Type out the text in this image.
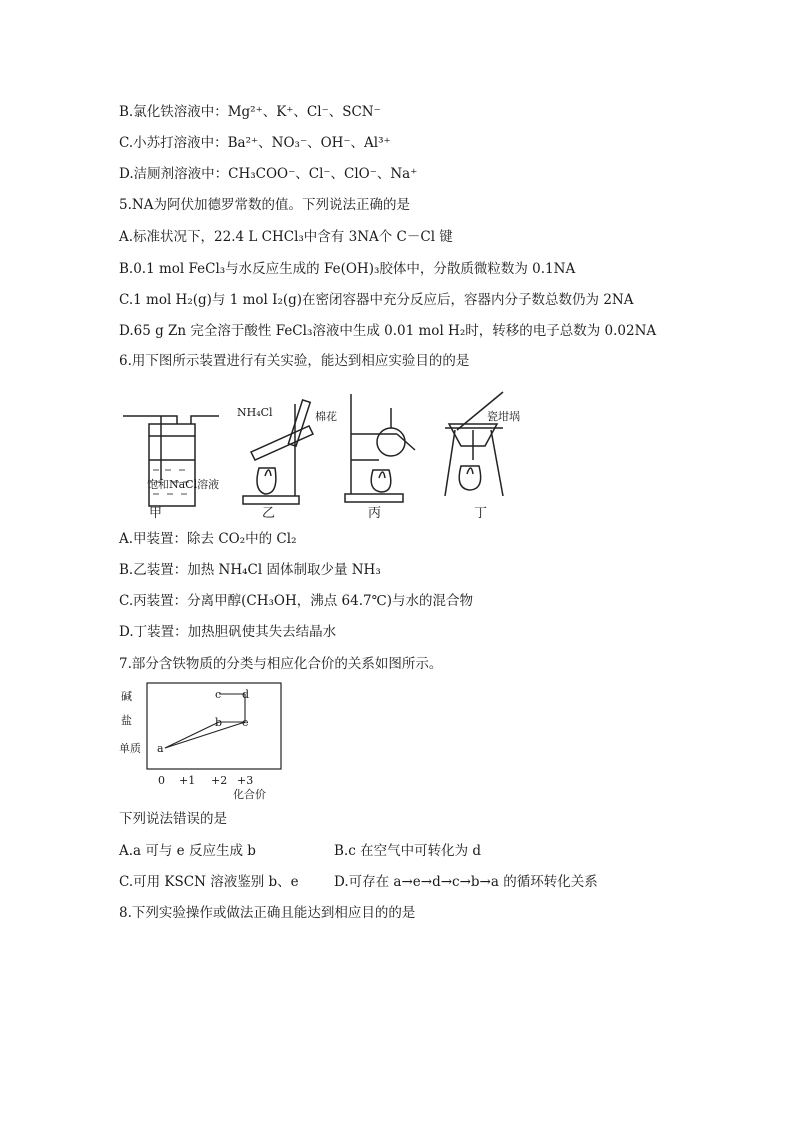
B.氯化铁溶液中：Mg²⁺、K⁺、Cl⁻、SCN⁻
C.小苏打溶液中：Ba²⁺、NO₃⁻、OH⁻、Al³⁺
D.洁厕剂溶液中：CH₃COO⁻、Cl⁻、ClO⁻、Na⁺
5.NA为阿伏加德罗常数的值。下列说法正确的是
A.标准状况下，22.4 L CHCl₃中含有 3NA个 C－Cl 键
B.0.1 mol FeCl₃与水反应生成的 Fe(OH)₃胶体中，分散质微粒数为 0.1NA
C.1 mol H₂(g)与 1 mol I₂(g)在密闭容器中充分反应后，容器内分子数总数仍为 2NA
D.65 g Zn 完全溶于酸性 FeCl₃溶液中生成 0.01 mol H₂时，转移的电子总数为 0.02NA
6.用下图所示装置进行有关实验，能达到相应实验目的的是
饱和NaCl溶液
NH₄Cl	棉花	瓷坩埚
甲	乙	丙	丁
A.甲装置：除去 CO₂中的 Cl₂
B.乙装置：加热 NH₄Cl 固体制取少量 NH₃
C.丙装置：分离甲醇(CH₃OH，沸点 64.7℃)与水的混合物
D.丁装置：加热胆矾使其失去结晶水
7.部分含铁物质的分类与相应化合价的关系如图所示。
碱
盐
单质
0 +1 +2 +3
化合价
a
b
c d
e
下列说法错误的是
A.a 可与 e 反应生成 b	B.c 在空气中可转化为 d
C.可用 KSCN 溶液鉴别 b、e	D.可存在 a→e→d→c→b→a 的循环转化关系
8.下列实验操作或做法正确且能达到相应目的的是
